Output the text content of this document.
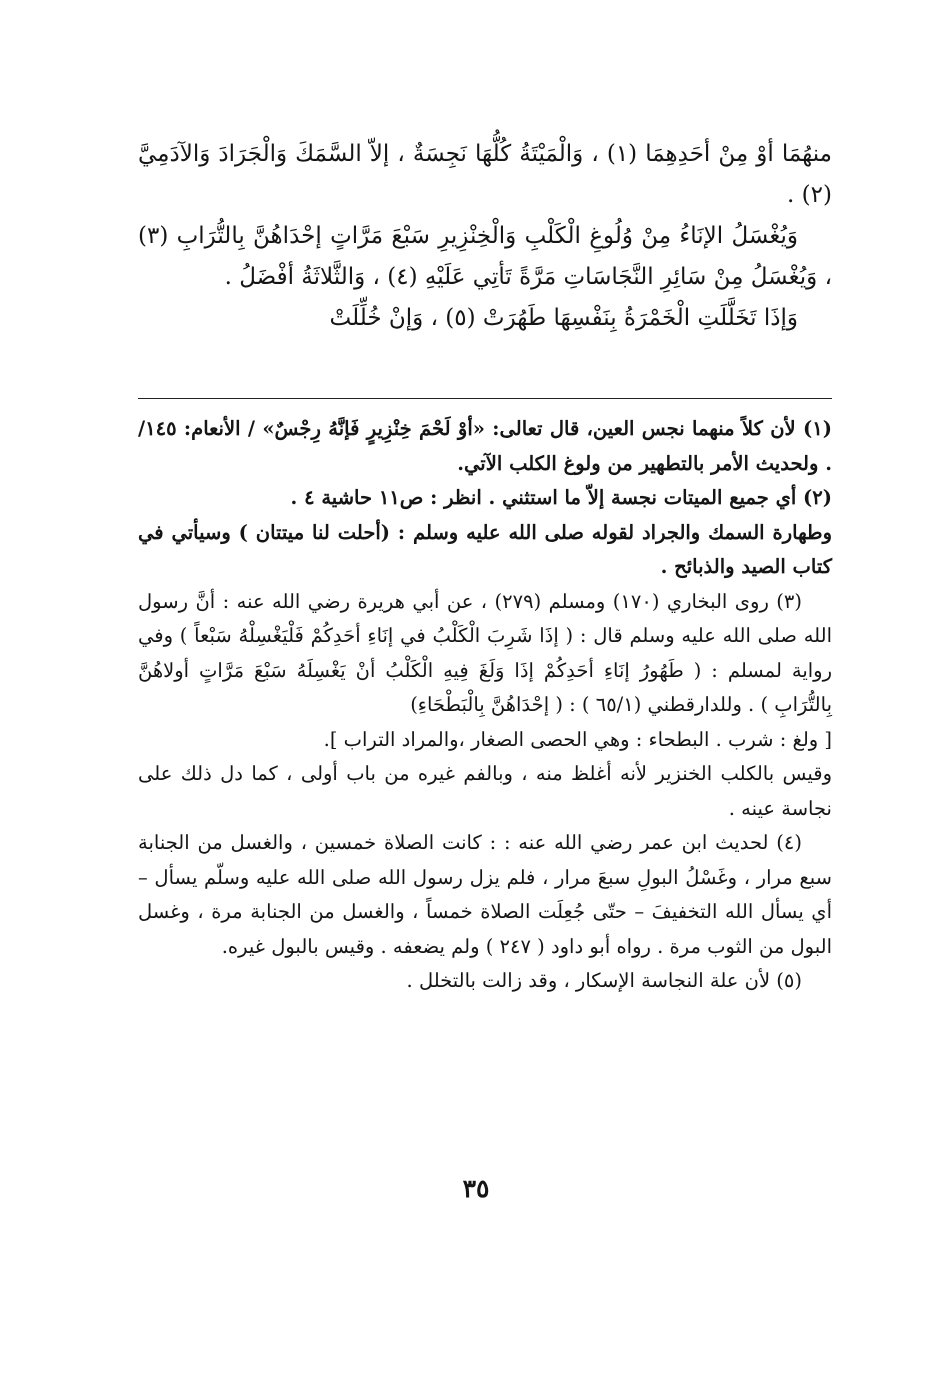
منهُمَا أوْ مِنْ أحَدِهِمَا (١) ، وَالْمَيْتَةُ كُلُّهَا نَجِسَةٌ ، إلاّ السَّمَكَ وَالْجَرَادَ وَالآدَمِيَّ (٢) .

وَيُغْسَلُ الإنَاءُ مِنْ وُلُوغِ الْكَلْبِ وَالْخِنْزِيرِ سَبْعَ مَرَّاتٍ إحْدَاهُنَّ بِالتُّرَابِ (٣) ، وَيُغْسَلُ مِنْ سَائِرِ النَّجَاسَاتِ مَرَّةً تَأتِي عَلَيْهِ (٤) ، وَالثَّلاثَةُ أفْضَلُ .

وَإذَا تَخَلَّلَتِ الْخَمْرَةُ بِنَفْسِهَا طَهُرَتْ (٥) ، وَإنْ خُلِّلَتْ

(١) لأن كلاً منهما نجس العين، قال تعالى: «أوْ لَحْمَ خِنْزِيرٍ فَإنَّهُ رِجْسٌ» / الأنعام: ١٤٥/ . ولحديث الأمر بالتطهير من ولوغ الكلب الآتي.

(٢) أي جميع الميتات نجسة إلاّ ما استثني . انظر : ص١١ حاشية ٤ .

وطهارة السمك والجراد لقوله صلى الله عليه وسلم : (أحلت لنا ميتتان ) وسيأتي في كتاب الصيد والذبائح .

(٣) روى البخاري (١٧٠) ومسلم (٢٧٩) ، عن أبي هريرة رضي الله عنه : أنَّ رسول الله صلى الله عليه وسلم قال : ( إذَا شَرِبَ الْكَلْبُ في إنَاءِ أحَدِكُمْ فَلْيَغْسِلْهُ سَبْعاً ) وفي رواية لمسلم : ( طَهُورُ إنَاءِ أحَدِكُمْ إذَا وَلَغَ فِيهِ الْكَلْبُ أنْ يَغْسِلَهُ سَبْعَ مَرَّاتٍ أولاهُنَّ بِالتُّرَابِ ) . وللدارقطني (٦٥/١ ) : ( إحْدَاهُنَّ بِالْبَطْحَاءِ)

[ ولغ : شرب . البطحاء : وهي الحصى الصغار ،والمراد التراب ].

وقيس بالكلب الخنزير لأنه أغلظ منه ، وبالفم غيره من باب أولى ، كما دل ذلك على نجاسة عينه .

(٤) لحديث ابن عمر رضي الله عنه : : كانت الصلاة خمسين ، والغسل من الجنابة سبع مرار ، وغَسْلُ البولِ سبعَ مرار ، فلم يزل رسول الله صلى الله عليه وسلّم يسأل – أي يسأل الله التخفيفَ – حتّى جُعِلَت الصلاة خمساً ، والغسل من الجنابة مرة ، وغسل البول من الثوب مرة . رواه أبو داود ( ٢٤٧ ) ولم يضعفه . وقيس بالبول غيره.

(٥) لأن علة النجاسة الإسكار ، وقد زالت بالتخلل .

٣٥
